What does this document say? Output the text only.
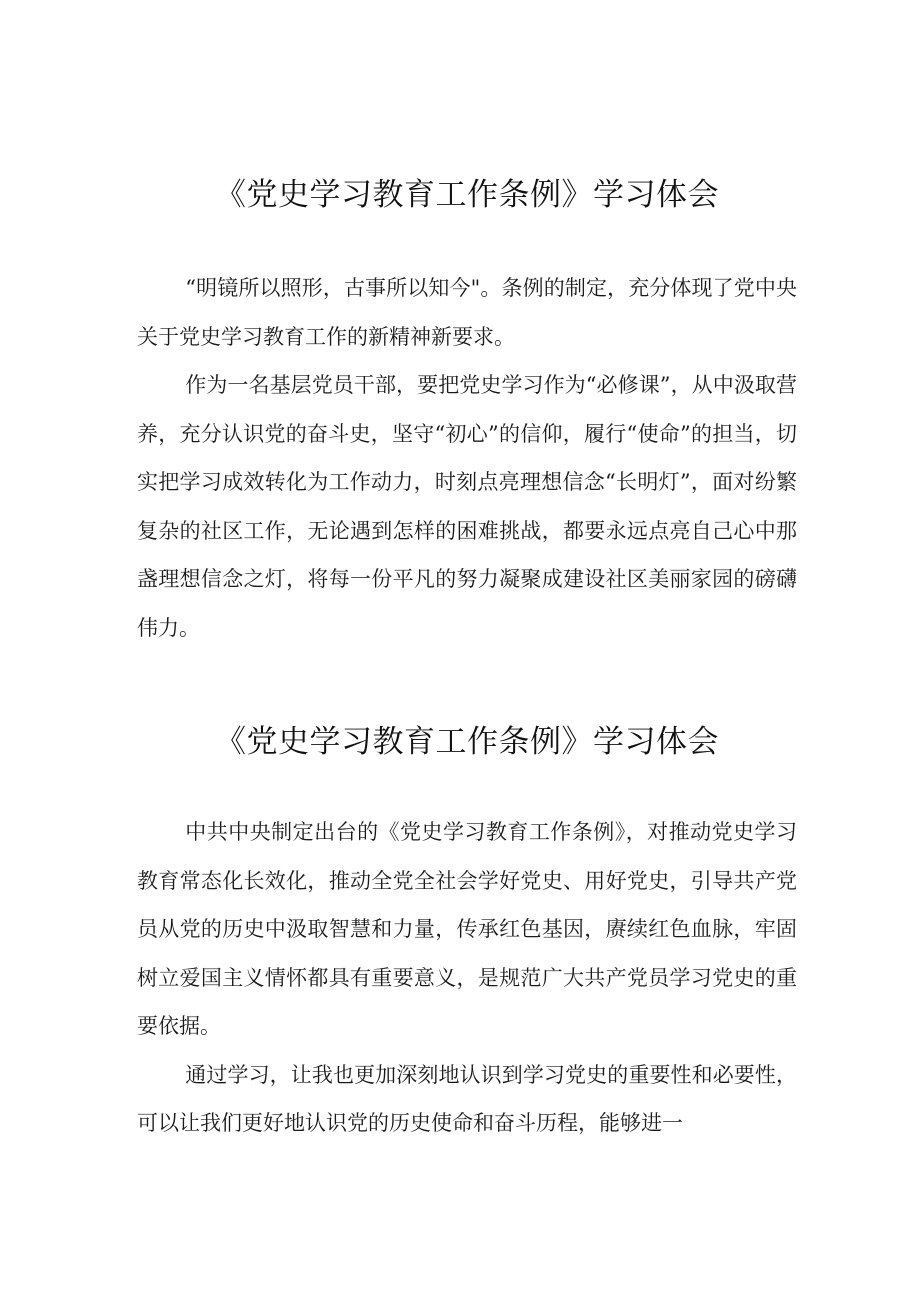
《党史学习教育工作条例》学习体会

“明镜所以照形，古事所以知今"。条例的制定，充分体现了党中央关于党史学习教育工作的新精神新要求。

作为一名基层党员干部，要把党史学习作为“必修课”，从中汲取营养，充分认识党的奋斗史，坚守“初心”的信仰，履行“使命”的担当，切实把学习成效转化为工作动力，时刻点亮理想信念“长明灯”，面对纷繁复杂的社区工作，无论遇到怎样的困难挑战，都要永远点亮自己心中那盏理想信念之灯，将每一份平凡的努力凝聚成建设社区美丽家园的磅礴伟力。

《党史学习教育工作条例》学习体会

中共中央制定出台的《党史学习教育工作条例》，对推动党史学习教育常态化长效化，推动全党全社会学好党史、用好党史，引导共产党员从党的历史中汲取智慧和力量，传承红色基因，赓续红色血脉，牢固树立爱国主义情怀都具有重要意义，是规范广大共产党员学习党史的重要依据。

通过学习，让我也更加深刻地认识到学习党史的重要性和必要性，可以让我们更好地认识党的历史使命和奋斗历程，能够进一
